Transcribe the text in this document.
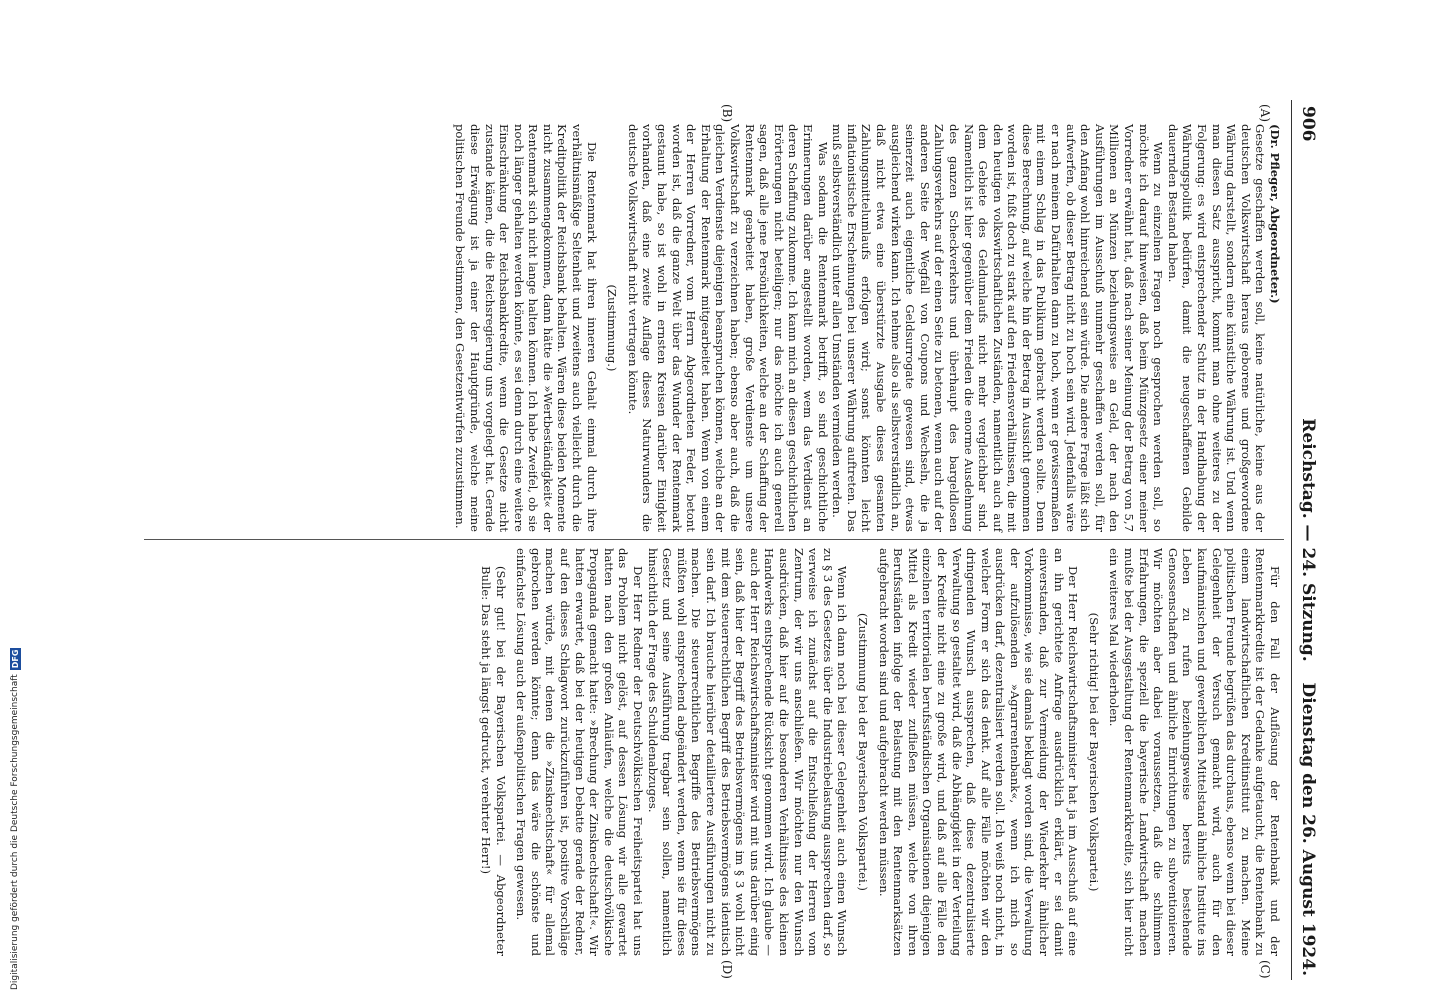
Digitalisierung gefördert durch die Deutsche Forschungsgemeinschaft
DFG
906
Reichstag. — 24. Sitzung.
Dienstag den 26. August 1924.
(A)
(B)
(C)
(D)

(Dr. Pfleger, Abgeordneter.)

Gesetze geschaffen werden soll, keine natürliche, keine aus der deutschen Volkswirtschaft heraus geborene und großgewordene Währung darstellt, sondern eine künstliche Währung ist. Und wenn man diesen Satz ausspricht, kommt man ohne weiteres zu der Folgerung: es wird entsprechender Schutz in der Handhabung der Währungspolitik bedürfen, damit die neugeschaffenen Gebilde dauernden Bestand haben.

Wenn zu einzelnen Fragen noch gesprochen werden soll, so möchte ich darauf hinweisen, daß beim Münzgesetz einer meiner Vorredner erwähnt hat, daß nach seiner Meinung der Betrag von 5,7 Millionen an Münzen beziehungsweise an Geld, der nach den Ausführungen im Ausschuß nunmehr geschaffen werden soll, für den Anfang wohl hinreichend sein würde. Die andere Frage läßt sich aufwerfen, ob dieser Betrag nicht zu hoch sein wird. Jedenfalls wäre er nach meinem Dafürhalten dann zu hoch, wenn er gewissermaßen mit einem Schlag in das Publikum gebracht werden sollte. Denn diese Berechnung, auf welche hin der Betrag in Aussicht genommen worden ist, fußt doch zu stark auf den Friedensverhältnissen, die mit den heutigen volkswirtschaftlichen Zuständen, namentlich auch auf dem Gebiete des Geldumlaufs nicht mehr vergleichbar sind. Namentlich ist hier gegenüber dem Frieden die enorme Ausdehnung des ganzen Scheckverkehrs und überhaupt des bargeldlosen Zahlungsverkehrs auf der einen Seite zu betonen, wenn auch auf der anderen Seite der Wegfall von Coupons und Wechseln, die ja seinerzeit auch eigentliche Geldsurrogate gewesen sind, etwas ausgleichend wirken kann. Ich nehme also als selbstverständlich an, daß nicht etwa eine überstürzte Ausgabe dieses gesamten Zahlungsmittelumlaufs erfolgen wird; sonst könnten leicht inflationistische Erscheinungen bei unserer Währung auftreten. Das muß selbstverständlich unter allen Umständen vermieden werden.

Was sodann die Rentenmark betrifft, so sind geschichtliche Erinnerungen darüber angestellt worden, wem das Verdienst an deren Schaffung zukomme. Ich kann mich an diesen geschichtlichen Erörterungen nicht beteiligen; nur das möchte ich auch generell sagen, daß alle jene Persönlichkeiten, welche an der Schaffung der Rentenmark gearbeitet haben, große Verdienste um unsere Volkswirtschaft zu verzeichnen haben; ebenso aber auch, daß die gleichen Verdienste diejenigen beanspruchen können, welche an der Erhaltung der Rentenmark mitgearbeitet haben. Wenn von einem der Herren Vorredner, vom Herrn Abgeordneten Feder, betont worden ist, daß die ganze Welt über das Wunder der Rentenmark gestaunt habe, so ist wohl in ernsten Kreisen darüber Einigkeit vorhanden, daß eine zweite Auflage dieses Naturwunders die deutsche Volkswirtschaft nicht vertragen könnte.

(Zustimmung.)

Die Rentenmark hat ihren inneren Gehalt einmal durch ihre verhältnismäßige Seltenheit und zweitens auch vielleicht durch die Kreditpolitik der Reichsbank behalten. Wären diese beiden Momente nicht zusammengekommen, dann hätte die »Wertbeständigkeit« der Rentenmark sich nicht lange halten können. Ich habe Zweifel, ob sie noch länger gehalten werden könnte, es sei denn durch eine weitere Einschränkung der Reichsbankkredite, wenn die Gesetze nicht zustande kämen, die die Reichsregierung uns vorgelegt hat. Gerade diese Erwägung ist ja einer der Hauptgründe, welche meine politischen Freunde bestimmen, den Gesetzentwürfen zuzustimmen.

Für den Fall der Auflösung der Rentenbank und der Rentenmarkkredite ist der Gedanke aufgetaucht, die Rentenbank zu einem landwirtschaftlichen Kreditinstitut zu machen. Meine politischen Freunde begrüßen das durchaus, ebenso wenn bei dieser Gelegenheit der Versuch gemacht wird, auch für den kaufmännischen und gewerblichen Mittelstand ähnliche Institute ins Leben zu rufen beziehungsweise bereits bestehende Genossenschaften und ähnliche Einrichtungen zu subventionieren. Wir möchten aber dabei voraussetzen, daß die schlimmen Erfahrungen, die speziell die bayerische Landwirtschaft machen mußte bei der Ausgestaltung der Rentenmarkkredite, sich hier nicht ein weiteres Mal wiederholen.

(Sehr richtig! bei der Bayerischen Volkspartei.)

Der Herr Reichswirtschaftsminister hat ja im Ausschuß auf eine an ihn gerichtete Anfrage ausdrücklich erklärt, er sei damit einverstanden, daß zur Vermeidung der Wiederkehr ähnlicher Vorkommnisse, wie sie damals beklagt worden sind, die Verwaltung der aufzulösenden »Agrarrentenbank«, wenn ich mich so ausdrücken darf, dezentralisiert werden soll. Ich weiß noch nicht, in welcher Form er sich das denkt. Auf alle Fälle möchten wir den dringenden Wunsch aussprechen, daß diese dezentralisierte Verwaltung so gestaltet wird, daß die Abhängigkeit in der Verteilung der Kredite nicht eine zu große wird, und daß auf alle Fälle den einzelnen territorialen berufsständischen Organisationen diejenigen Mittel als Kredit wieder zufließen müssen, welche von ihren Berufsständen infolge der Belastung mit den Rentenmarksätzen aufgebracht worden sind und aufgebracht werden müssen.

(Zustimmung bei der Bayerischen Volkspartei.)

Wenn ich dann noch bei dieser Gelegenheit auch einen Wunsch zu § 3 des Gesetzes über die Industriebelastung aussprechen darf, so verweise ich zunächst auf die Entschließung der Herren vom Zentrum, der wir uns anschließen. Wir möchten nur den Wunsch ausdrücken, daß hier auf die besonderen Verhältnisse des kleinen Handwerks entsprechende Rücksicht genommen wird. Ich glaube — auch der Herr Reichswirtschaftsminister wird mit uns darüber einig sein, daß hier der Begriff des Betriebsvermögens im § 3 wohl nicht mit dem steuerrechtlichen Begriff des Betriebsvermögens identisch sein darf. Ich brauche hierüber detailliertere Ausführungen nicht zu machen. Die steuerrechtlichen Begriffe des Betriebsvermögens müßten wohl entsprechend abgeändert werden, wenn sie für dieses Gesetz und seine Ausführung tragbar sein sollen, namentlich hinsichtlich der Frage des Schuldenabzuges.

Der Herr Redner der Deutschvölkischen Freiheitspartei hat uns das Problem nicht gelöst, auf dessen Lösung wir alle gewartet hatten nach den großen Anläufen, welche die deutschvölkische Propaganda gemacht hatte: »Brechung der Zinsknechtschaft!«. Wir hatten erwartet, daß bei der heutigen Debatte gerade der Redner, auf den dieses Schlagwort zurückzuführen ist, positive Vorschläge machen würde, mit denen die »Zinsknechtschaft« für allemal gebrochen werden könnte; denn das wäre die schönste und einfachste Lösung auch der außenpolitischen Fragen gewesen.

(Sehr gut! bei der Bayerischen Volkspartei. — Abgeordneter Bulle: Das steht ja längst gedruckt, verehrter Herr!)
